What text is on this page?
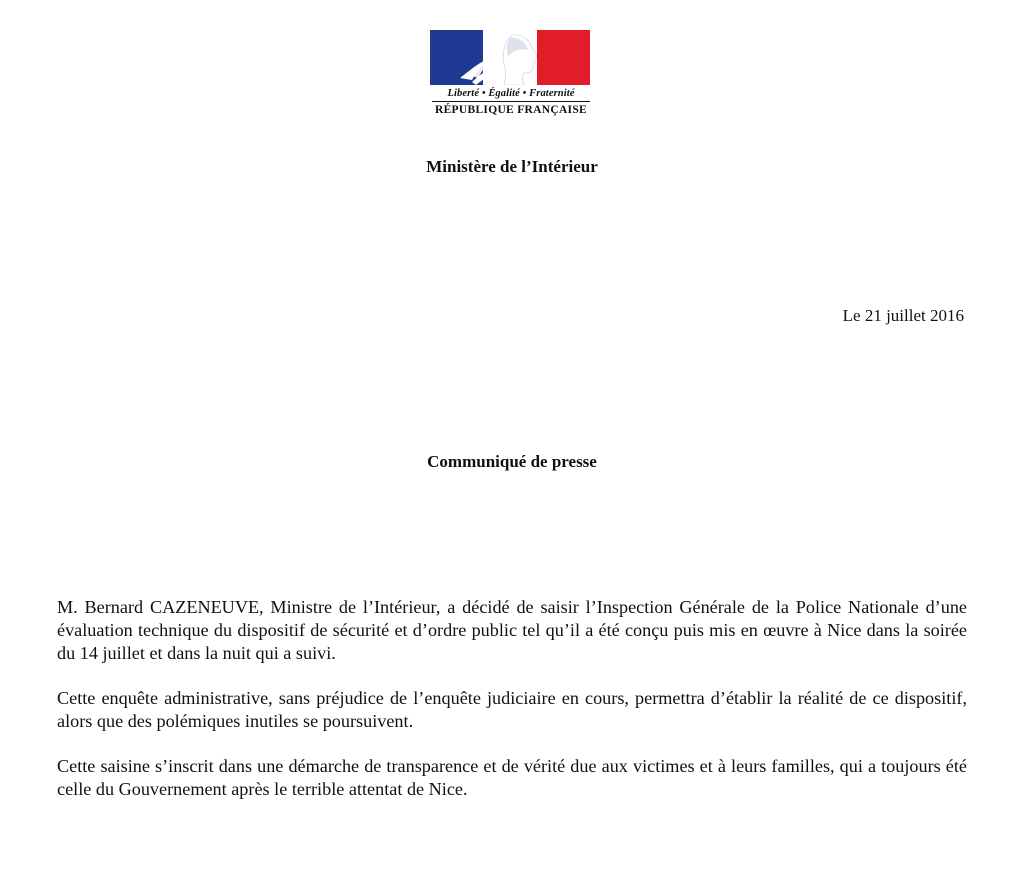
Liberté • Égalité • Fraternité
RÉPUBLIQUE FRANÇAISE
Ministère de l’Intérieur
Le 21 juillet 2016
Communiqué de presse

M. Bernard CAZENEUVE, Ministre de l’Intérieur, a décidé de saisir l’Inspection Générale de la Police Nationale d’une évaluation technique du dispositif de sécurité et d’ordre public tel qu’il a été conçu puis mis en œuvre à Nice dans la soirée du 14 juillet et dans la nuit qui a suivi.

Cette enquête administrative, sans préjudice de l’enquête judiciaire en cours, permettra d’établir la réalité de ce dispositif, alors que des polémiques inutiles se poursuivent.

Cette saisine s’inscrit dans une démarche de transparence et de vérité due aux victimes et à leurs familles, qui a toujours été celle du Gouvernement après le terrible attentat de Nice.
